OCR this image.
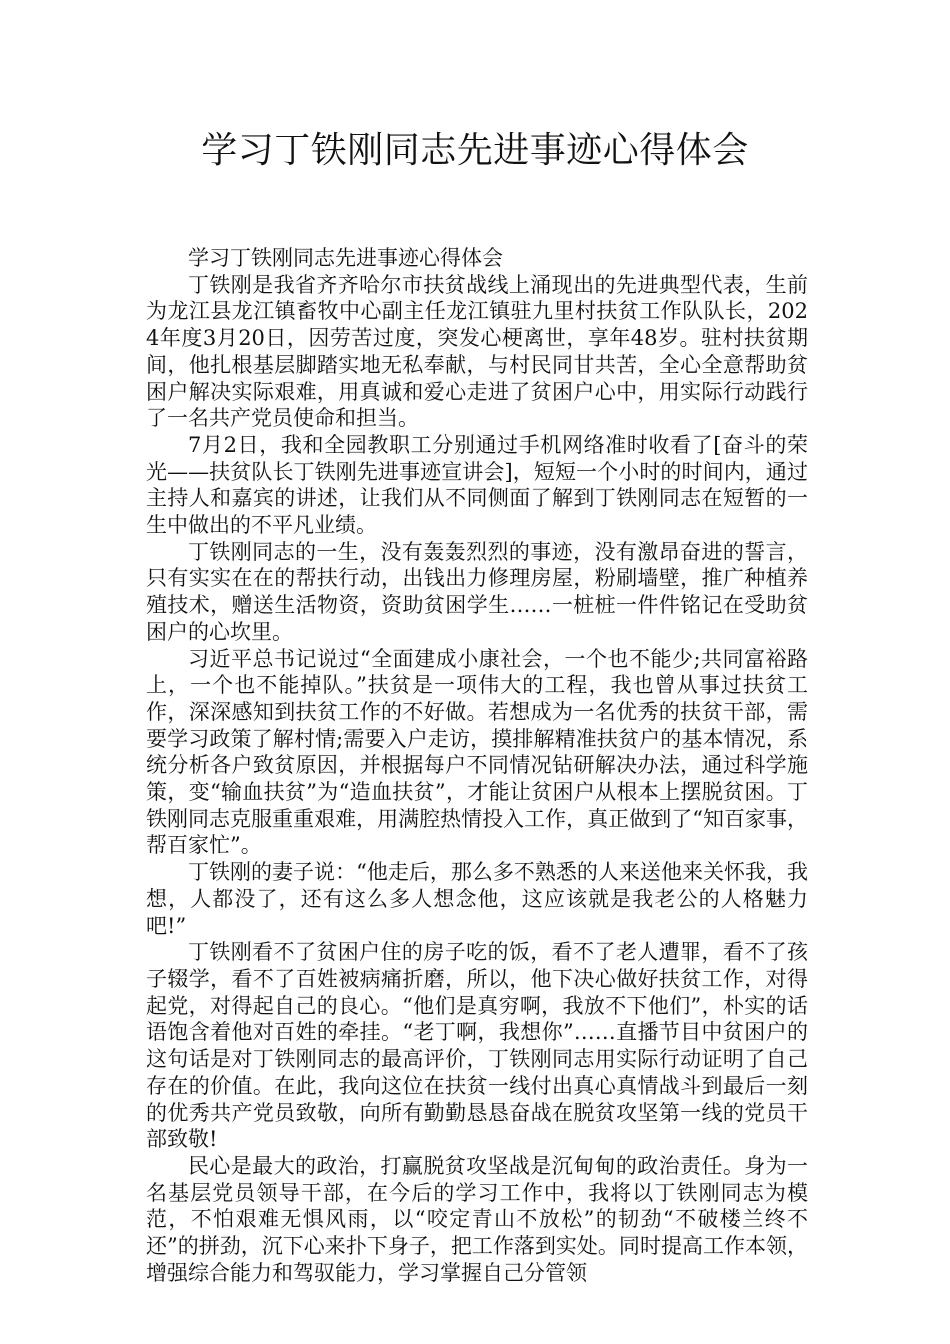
学习丁铁刚同志先进事迹心得体会

学习丁铁刚同志先进事迹心得体会

丁铁刚是我省齐齐哈尔市扶贫战线上涌现出的先进典型代表，生前为龙江县龙江镇畜牧中心副主任龙江镇驻九里村扶贫工作队队长，2024年度3月20日，因劳苦过度，突发心梗离世，享年48岁。驻村扶贫期间，他扎根基层脚踏实地无私奉献，与村民同甘共苦，全心全意帮助贫困户解决实际艰难，用真诚和爱心走进了贫困户心中，用实际行动践行了一名共产党员使命和担当。

7月2日，我和全园教职工分别通过手机网络准时收看了[奋斗的荣光——扶贫队长丁铁刚先进事迹宣讲会]，短短一个小时的时间内，通过主持人和嘉宾的讲述，让我们从不同侧面了解到丁铁刚同志在短暂的一生中做出的不平凡业绩。

丁铁刚同志的一生，没有轰轰烈烈的事迹，没有激昂奋进的誓言，只有实实在在的帮扶行动，出钱出力修理房屋，粉刷墙壁，推广种植养殖技术，赠送生活物资，资助贫困学生……一桩桩一件件铭记在受助贫困户的心坎里。

习近平总书记说过“全面建成小康社会，一个也不能少;共同富裕路上，一个也不能掉队。”扶贫是一项伟大的工程，我也曾从事过扶贫工作，深深感知到扶贫工作的不好做。若想成为一名优秀的扶贫干部，需要学习政策了解村情;需要入户走访，摸排解精准扶贫户的基本情况，系统分析各户致贫原因，并根据每户不同情况钻研解决办法，通过科学施策，变“输血扶贫”为“造血扶贫”，才能让贫困户从根本上摆脱贫困。丁铁刚同志克服重重艰难，用满腔热情投入工作，真正做到了“知百家事，帮百家忙”。

丁铁刚的妻子说：“他走后，那么多不熟悉的人来送他来关怀我，我想，人都没了，还有这么多人想念他，这应该就是我老公的人格魅力吧!”

丁铁刚看不了贫困户住的房子吃的饭，看不了老人遭罪，看不了孩子辍学，看不了百姓被病痛折磨，所以，他下决心做好扶贫工作，对得起党，对得起自己的良心。“他们是真穷啊，我放不下他们”，朴实的话语饱含着他对百姓的牵挂。“老丁啊，我想你”……直播节目中贫困户的这句话是对丁铁刚同志的最高评价，丁铁刚同志用实际行动证明了自己存在的价值。在此，我向这位在扶贫一线付出真心真情战斗到最后一刻的优秀共产党员致敬，向所有勤勤恳恳奋战在脱贫攻坚第一线的党员干部致敬!

民心是最大的政治，打赢脱贫攻坚战是沉甸甸的政治责任。身为一名基层党员领导干部，在今后的学习工作中，我将以丁铁刚同志为模范，不怕艰难无惧风雨，以“咬定青山不放松”的韧劲“不破楼兰终不还”的拼劲，沉下心来扑下身子，把工作落到实处。同时提高工作本领，增强综合能力和驾驭能力，学习掌握自己分管领
